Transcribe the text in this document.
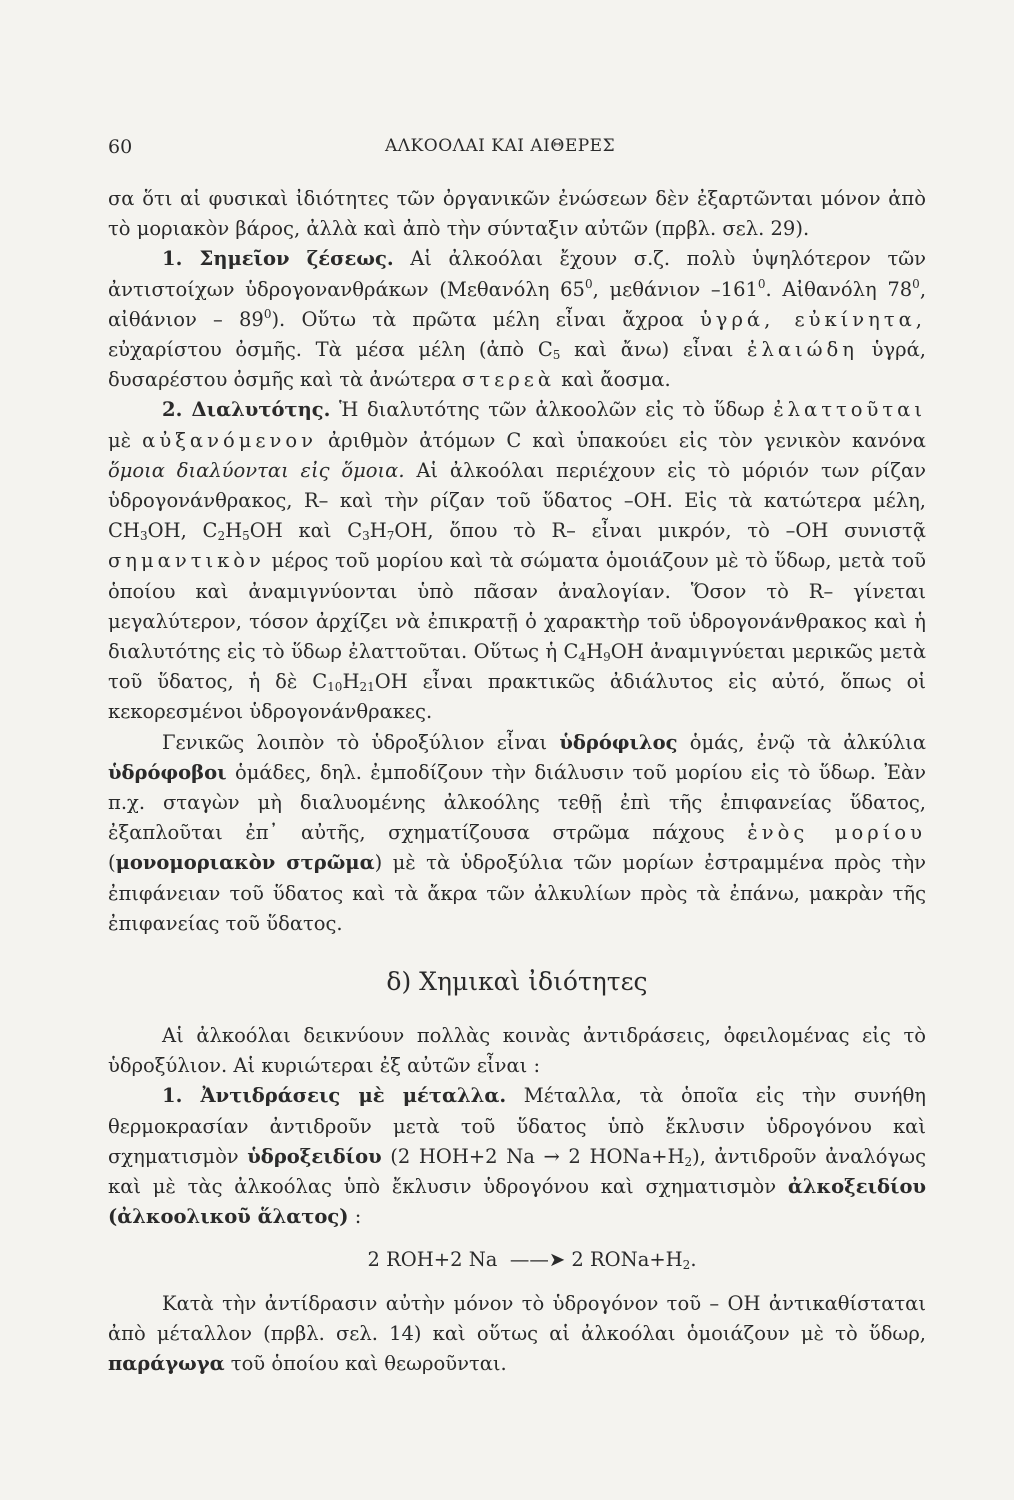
60	ΑΛΚΟΟΛΑΙ ΚΑΙ ΑΙΘΕΡΕΣ

σα ὅτι αἱ φυσικαὶ ἰδιότητες τῶν ὀργανικῶν ἐνώσεων δὲν ἐξαρτῶνται μόνον ἀπὸ τὸ μοριακὸν βάρος, ἀλλὰ καὶ ἀπὸ τὴν σύνταξιν αὐτῶν (πρβλ. σελ. 29).

1. Σημεῖον ζέσεως. Αἱ ἀλκοόλαι ἔχουν σ.ζ. πολὺ ὑψηλότερον τῶν ἀντιστοίχων ὑδρογονανθράκων (Μεθανόλη $65^0$, μεθάνιον $-161^0$. Αἰθανόλη $78^0$, αἰθάνιον – $89^0$). Οὕτω τὰ πρῶτα μέλη εἶναι ἄχροα ὑγρά, εὐκίνητα, εὐχαρίστου ὀσμῆς. Τὰ μέσα μέλη (ἀπὸ $C_5$ καὶ ἄνω) εἶναι ἐλαιώδη ὑγρά, δυσαρέστου ὀσμῆς καὶ τὰ ἀνώτερα στερεὰ καὶ ἄοσμα.

2. Διαλυτότης. Ἡ διαλυτότης τῶν ἀλκοολῶν εἰς τὸ ὕδωρ ἐλαττοῦται μὲ αὐξανόμενον ἀριθμὸν ἀτόμων C καὶ ὑπακούει εἰς τὸν γενικὸν κανόνα ὅμοια διαλύονται εἰς ὅμοια. Αἱ ἀλκοόλαι περιέχουν εἰς τὸ μόριόν των ρίζαν ὑδρογονάνθρακος, R– καὶ τὴν ρίζαν τοῦ ὕδατος –OH. Εἰς τὰ κατώτερα μέλη, $CH_3OH$, $C_2H_5OH$ καὶ $C_3H_7OH$, ὅπου τὸ R– εἶναι μικρόν, τὸ –OH συνιστᾷ σημαντικὸν μέρος τοῦ μορίου καὶ τὰ σώματα ὁμοιάζουν μὲ τὸ ὕδωρ, μετὰ τοῦ ὁποίου καὶ ἀναμιγνύονται ὑπὸ πᾶσαν ἀναλογίαν. Ὅσον τὸ R– γίνεται μεγαλύτερον, τόσον ἀρχίζει νὰ ἐπικρατῇ ὁ χαρακτὴρ τοῦ ὑδρογονάνθρακος καὶ ἡ διαλυτότης εἰς τὸ ὕδωρ ἐλαττοῦται. Οὕτως ἡ $C_4H_9OH$ ἀναμιγνύεται μερικῶς μετὰ τοῦ ὕδατος, ἡ δὲ $C_{10}H_{21}OH$ εἶναι πρακτικῶς ἀδιάλυτος εἰς αὐτό, ὅπως οἱ κεκορεσμένοι ὑδρογονάνθρακες.

Γενικῶς λοιπὸν τὸ ὑδροξύλιον εἶναι ὑδρόφιλος ὁμάς, ἐνῷ τὰ ἀλκύλια ὑδρόφοβοι ὁμάδες, δηλ. ἐμποδίζουν τὴν διάλυσιν τοῦ μορίου εἰς τὸ ὕδωρ. Ἐὰν π.χ. σταγὼν μὴ διαλυομένης ἀλκοόλης τεθῇ ἐπὶ τῆς ἐπιφανείας ὕδατος, ἐξαπλοῦται ἐπ᾽ αὐτῆς, σχηματίζουσα στρῶμα πάχους ἑνὸς μορίου (μονομοριακὸν στρῶμα) μὲ τὰ ὑδροξύλια τῶν μορίων ἐστραμμένα πρὸς τὴν ἐπιφάνειαν τοῦ ὕδατος καὶ τὰ ἄκρα τῶν ἀλκυλίων πρὸς τὰ ἐπάνω, μακρὰν τῆς ἐπιφανείας τοῦ ὕδατος.

δ) Χημικαὶ ἰδιότητες

Αἱ ἀλκοόλαι δεικνύουν πολλὰς κοινὰς ἀντιδράσεις, ὀφειλομένας εἰς τὸ ὑδροξύλιον. Αἱ κυριώτεραι ἐξ αὐτῶν εἶναι :

1. Ἀντιδράσεις μὲ μέταλλα. Μέταλλα, τὰ ὁποῖα εἰς τὴν συνήθη θερμοκρασίαν ἀντιδροῦν μετὰ τοῦ ὕδατος ὑπὸ ἔκλυσιν ὑδρογόνου καὶ σχηματισμὸν ὑδροξειδίου (2 HOH+2 Na → 2 $HONa+H_2$), ἀντιδροῦν ἀναλόγως καὶ μὲ τὰς ἀλκοόλας ὑπὸ ἔκλυσιν ὑδρογόνου καὶ σχηματισμὸν ἀλκοξειδίου (ἀλκοολικοῦ ἅλατος) :

2 ROH+2 Na ——➤ 2 $RONa+H_2$.

Κατὰ τὴν ἀντίδρασιν αὐτὴν μόνον τὸ ὑδρογόνον τοῦ – OH ἀντικαθίσταται ἀπὸ μέταλλον (πρβλ. σελ. 14) καὶ οὕτως αἱ ἀλκοόλαι ὁμοιάζουν μὲ τὸ ὕδωρ, παράγωγα τοῦ ὁποίου καὶ θεωροῦνται.
